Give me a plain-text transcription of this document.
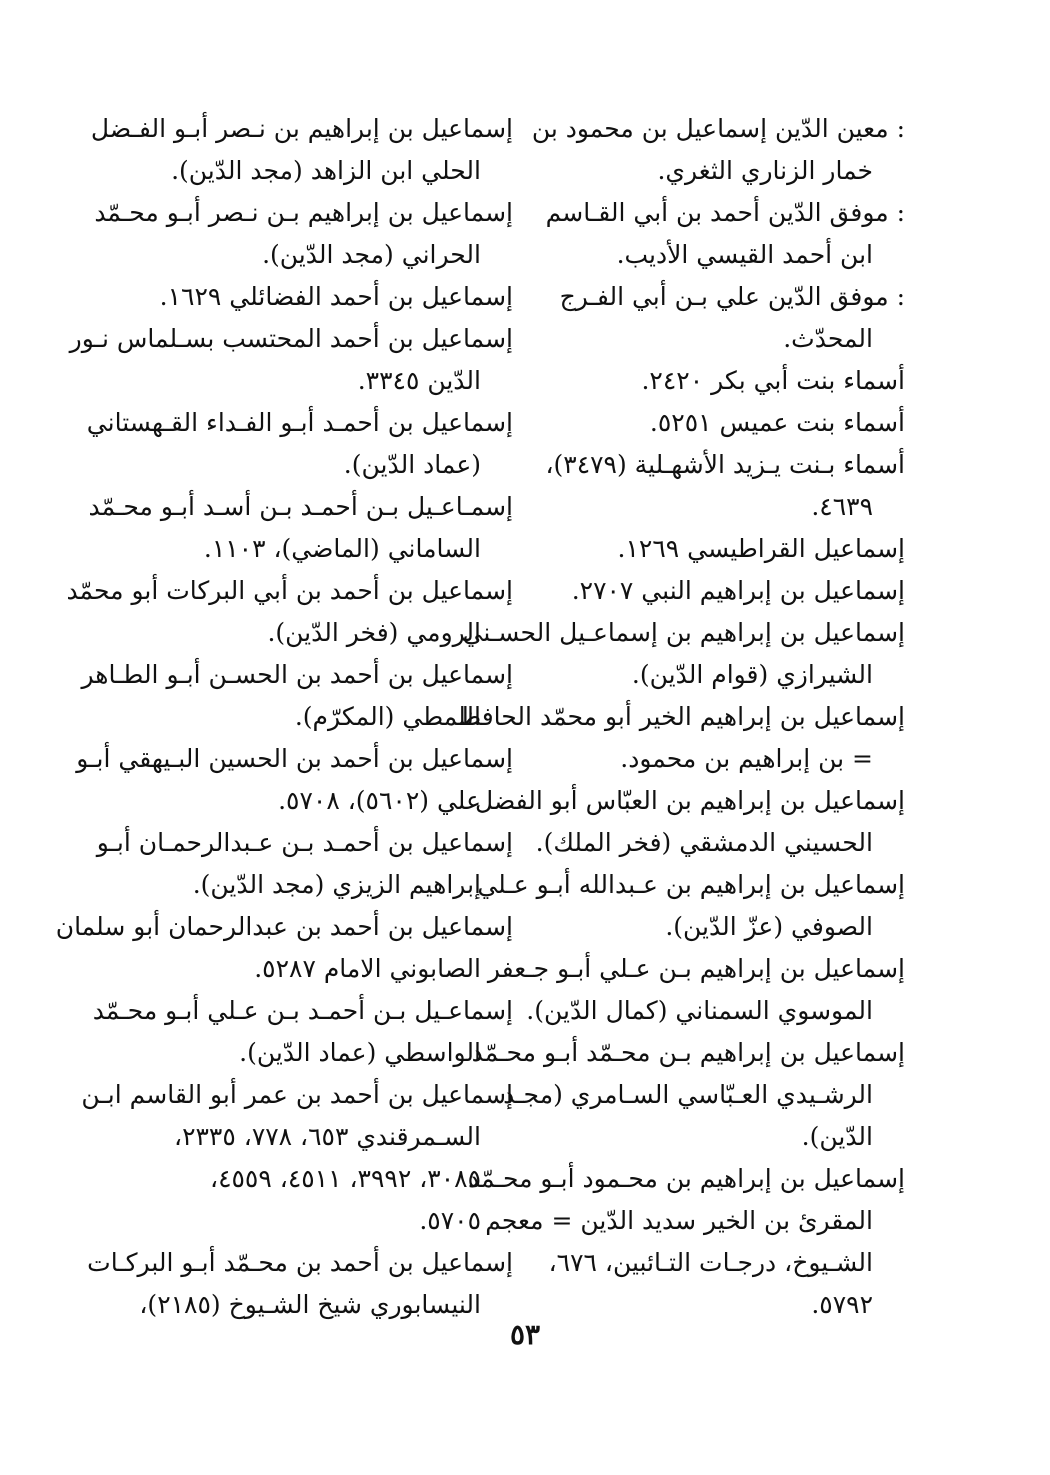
: معين الدّين إسماعيل بن محمود بن
خمار الزناري الثغري.
: موفق الدّين أحمد بن أبي القـاسم
ابن أحمد القيسي الأديب.
: موفق الدّين علي بـن أبي الفـرج
المحدّث.
أسماء بنت أبي بكر ٢٤٢٠.
أسماء بنت عميس ٥٢٥١.
أسماء بـنت يـزيد الأشهـلية (٣٤٧٩)،
٤٦٣٩.
إسماعيل القراطيسي ١٢٦٩.
إسماعيل بن إبراهيم النبي ٢٧٠٧.
إسماعيل بن إبراهيم بن إسماعـيل الحسـني
الشيرازي (قوام الدّين).
إسماعيل بن إبراهيم الخير أبو محمّد الحافظ
= بن إبراهيم بن محمود.
إسماعيل بن إبراهيم بن العبّاس أبو الفضل
الحسيني الدمشقي (فخر الملك).
إسماعيل بن إبراهيم بن عـبدالله أبـو عـلي
الصوفي (عزّ الدّين).
إسماعيل بن إبراهيم بـن عـلي أبـو جـعفر
الموسوي السمناني (كمال الدّين).
إسماعيل بن إبراهيم بـن محـمّد أبـو محـمّد
الرشـيدي العـبّاسي السـامري (مجـد
الدّين).
إسماعيل بن إبراهيم بن محـمود أبـو محـمّد
المقرئ بن الخير سديد الدّين = معجم
الشـيوخ، درجـات التـائبين، ٦٧٦،
٥٧٩٢.
إسماعيل بن إبراهيم بن نـصر أبـو الفـضل
الحلي ابن الزاهد (مجد الدّين).
إسماعيل بن إبراهيم بـن نـصر أبـو محـمّد
الحراني (مجد الدّين).
إسماعيل بن أحمد الفضائلي ١٦٢٩.
إسماعيل بن أحمد المحتسب بسـلماس نـور
الدّين ٣٣٤٥.
إسماعيل بن أحمـد أبـو الفـداء القـهستاني
(عماد الدّين).
إسمـاعـيل بـن أحمـد بـن أسـد أبـو محـمّد
الساماني (الماضي)، ١١٠٣.
إسماعيل بن أحمد بن أبي البركات أبو محمّد
الرومي (فخر الدّين).
إسماعيل بن أحمد بن الحسـن أبـو الطـاهر
اللمطي (المكرّم).
إسماعيل بن أحمد بن الحسين البـيهقي أبـو
علي (٥٦٠٢)، ٥٧٠٨.
إسماعيل بن أحمـد بـن عـبدالرحمـان أبـو
إبراهيم الزيزي (مجد الدّين).
إسماعيل بن أحمد بن عبدالرحمان أبو سلمان
الصابوني الامام ٥٢٨٧.
إسماعـيل بـن أحمـد بـن عـلي أبـو محـمّد
الواسطي (عماد الدّين).
إسماعيل بن أحمد بن عمر أبو القاسم ابـن
السـمرقندي ٦٥٣، ٧٧٨، ٢٣٣٥،
٣٠٨٥، ٣٩٩٢، ٤٥١١، ٤٥٥٩،
٥٧٠٥.
إسماعيل بن أحمد بن محـمّد أبـو البركـات
النيسابوري شيخ الشـيوخ (٢١٨٥)،
٥٣
